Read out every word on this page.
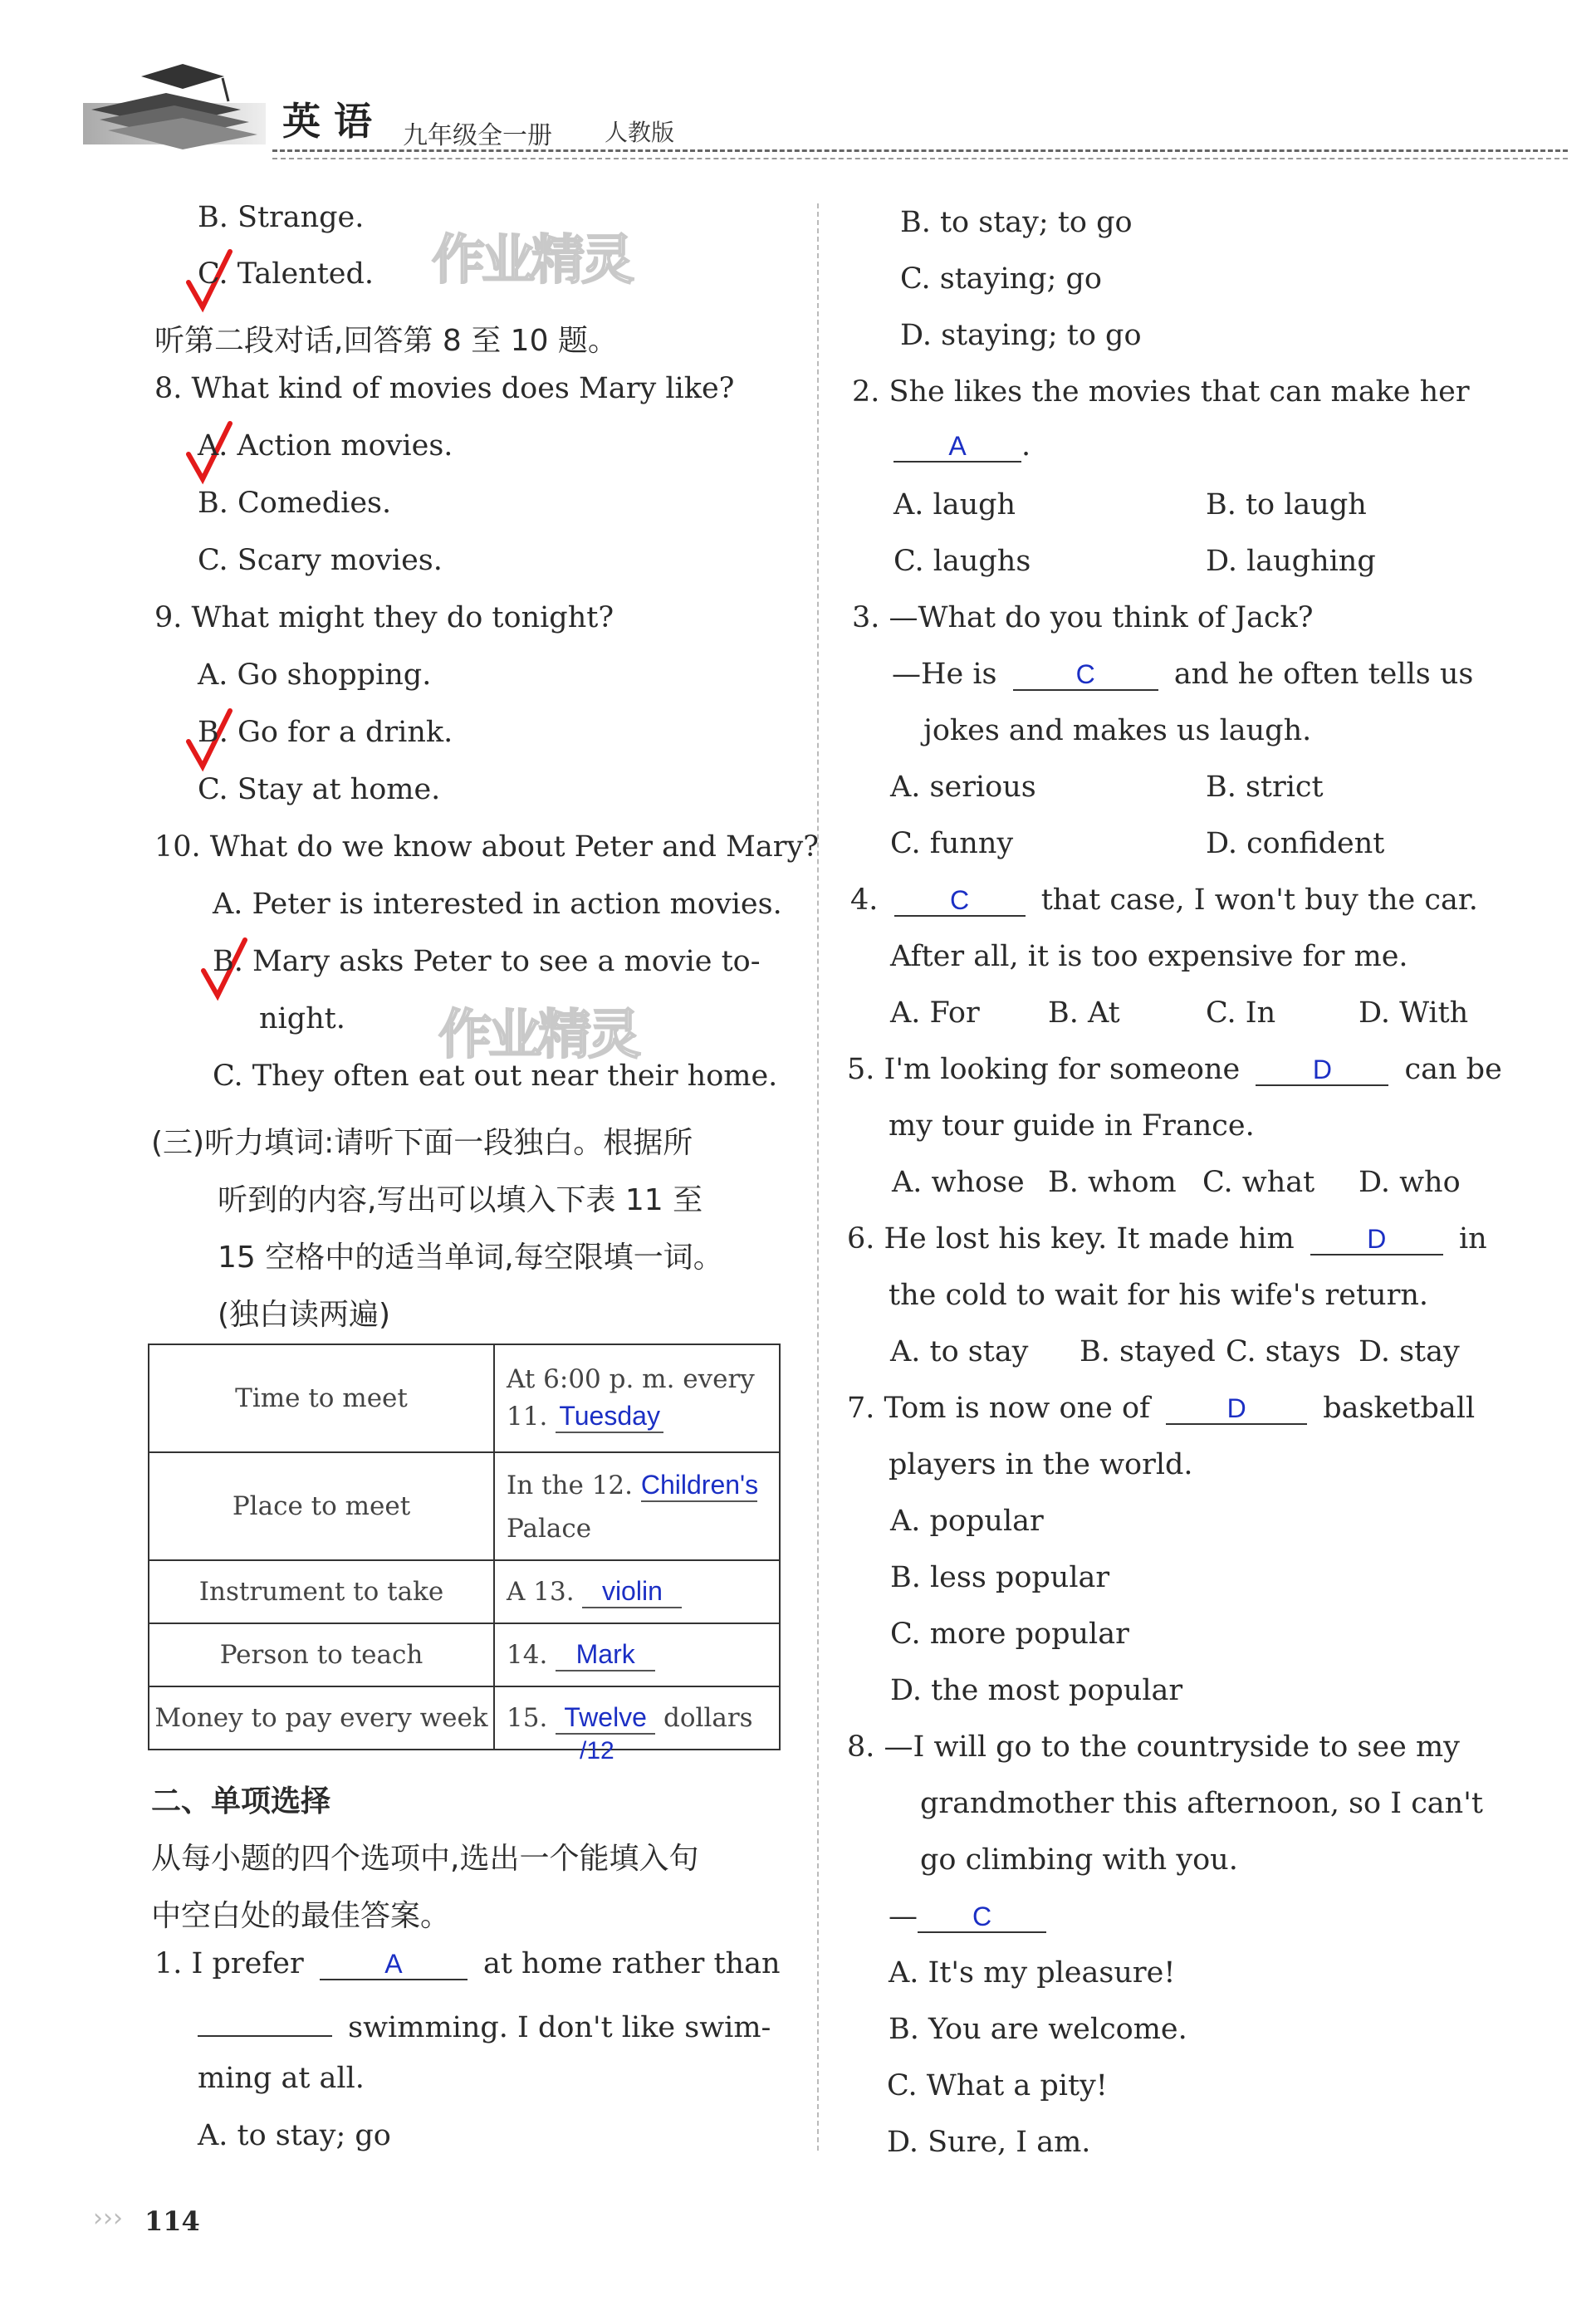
英 语 九年级全一册 人教版
作业精灵
作业精灵
B. Strange.
C. Talented.
听第二段对话,回答第 8 至 10 题。
8. What kind of movies does Mary like?
A. Action movies.
B. Comedies.
C. Scary movies.
9. What might they do tonight?
A. Go shopping.
B. Go for a drink.
C. Stay at home.
10. What do we know about Peter and Mary?
A. Peter is interested in action movies.
B. Mary asks Peter to see a movie to-
night.
C. They often eat out near their home.
(三)听力填词:请听下面一段独白。根据所
听到的内容,写出可以填入下表 11 至
15 空格中的适当单词,每空限填一词。
(独白读两遍)
Time to meet	At 6:00 p. m. every
11. Tuesday

Place to meet	In the 12. Children's
Palace

Instrument to take	A 13. violin
Person to teach	14. Mark
Money to pay every week	15. Twelve dollars
/12
二、单项选择
从每小题的四个选项中,选出一个能填入句
中空白处的最佳答案。
1. I prefer	A	at home rather than
swimming. I don't like swim-
ming at all.
A. to stay; go
B. to stay; to go
C. staying; go
D. staying; to go
2. She likes the movies that can make her
A .
A. laugh	B. to laugh
C. laughs	D. laughing
3. —What do you think of Jack?
—He is	C	and he often tells us
jokes and makes us laugh.
A. serious	B. strict
C. funny	D. confident
4.	C that case, I won't buy the car.
After all, it is too expensive for me.
A. For B. At	C. In	D. With
5. I'm looking for someone	D	can be
my tour guide in France.
A. whose B. whom C. what D. who
6. He lost his key. It made him	D	in
the cold to wait for his wife's return.
A. to stay B. stayed C. stays D. stay
7. Tom is now one of	D	basketball
players in the world.
A. popular
B. less popular
C. more popular
D. the most popular
8. —I will go to the countryside to see my
grandmother this afternoon, so I can't
go climbing with you.
— C
A. It's my pleasure!
B. You are welcome.
C. What a pity!
D. Sure, I am.
››› 114
